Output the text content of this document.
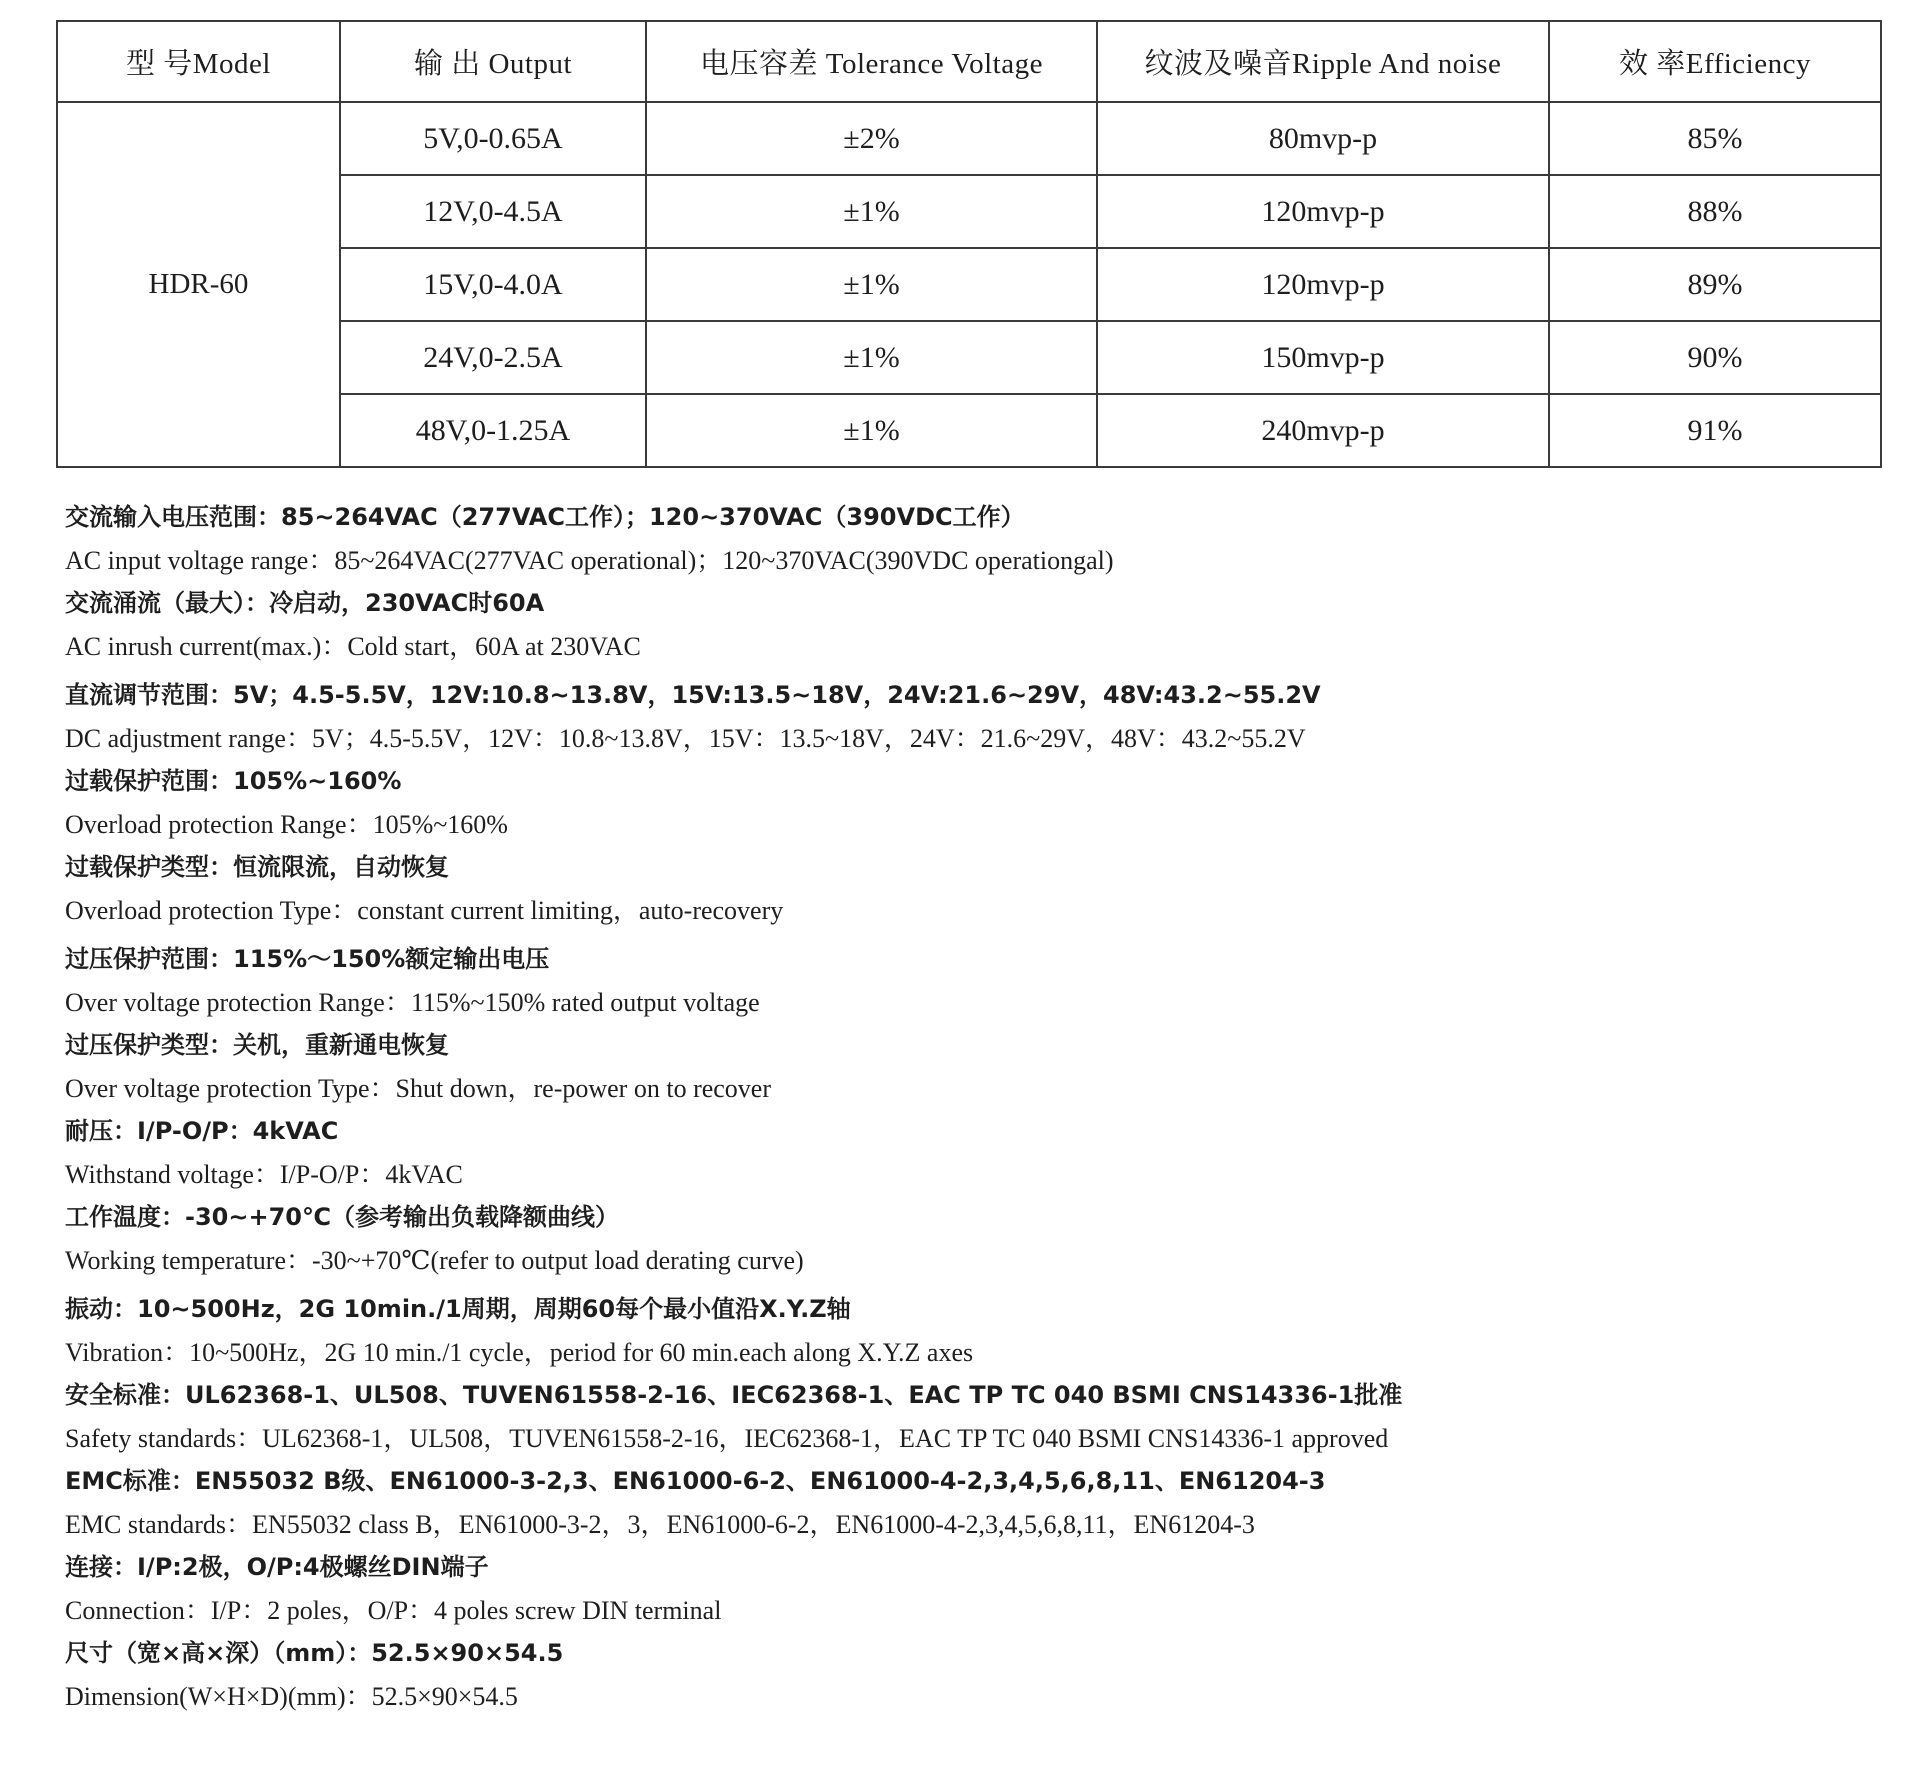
型 号Model	输 出 Output	电压容差 Tolerance Voltage	纹波及噪音Ripple And noise	效 率Efficiency
HDR-60	5V,0-0.65A	±2%	80mvp-p	85%
	12V,0-4.5A	±1%	120mvp-p	88%
	15V,0-4.0A	±1%	120mvp-p	89%
	24V,0-2.5A	±1%	150mvp-p	90%
	48V,0-1.25A	±1%	240mvp-p	91%
交流输入电压范围：85~264VAC（277VAC工作）；120~370VAC（390VDC工作）
AC input voltage range：85~264VAC(277VAC operational)；120~370VAC(390VDC operationgal)
交流涌流（最大）：冷启动，230VAC时60A
AC inrush current(max.)：Cold start，60A at 230VAC
直流调节范围：5V；4.5-5.5V，12V:10.8~13.8V，15V:13.5~18V，24V:21.6~29V，48V:43.2~55.2V
DC adjustment range：5V；4.5-5.5V，12V：10.8~13.8V，15V：13.5~18V，24V：21.6~29V，48V：43.2~55.2V
过载保护范围：105%~160%
Overload protection Range：105%~160%
过载保护类型：恒流限流，自动恢复
Overload protection Type：constant current limiting，auto-recovery
过压保护范围：115%～150%额定输出电压
Over voltage protection Range：115%~150% rated output voltage
过压保护类型：关机，重新通电恢复
Over voltage protection Type：Shut down，re-power on to recover
耐压：I/P-O/P：4kVAC
Withstand voltage：I/P-O/P：4kVAC
工作温度：-30~+70℃（参考输出负载降额曲线）
Working temperature：-30~+70℃(refer to output load derating curve)
振动：10~500Hz，2G 10min./1周期，周期60每个最小值沿X.Y.Z轴
Vibration：10~500Hz，2G 10 min./1 cycle，period for 60 min.each along X.Y.Z axes
安全标准：UL62368-1、UL508、TUVEN61558-2-16、IEC62368-1、EAC TP TC 040 BSMI CNS14336-1批准
Safety standards：UL62368-1，UL508，TUVEN61558-2-16，IEC62368-1，EAC TP TC 040 BSMI CNS14336-1 approved
EMC标准：EN55032 B级、EN61000-3-2,3、EN61000-6-2、EN61000-4-2,3,4,5,6,8,11、EN61204-3
EMC standards：EN55032 class B，EN61000-3-2，3，EN61000-6-2，EN61000-4-2,3,4,5,6,8,11，EN61204-3
连接：I/P:2极，O/P:4极螺丝DIN端子
Connection：I/P：2 poles，O/P：4 poles screw DIN terminal
尺寸（宽×高×深）（mm）：52.5×90×54.5
Dimension(W×H×D)(mm)：52.5×90×54.5
